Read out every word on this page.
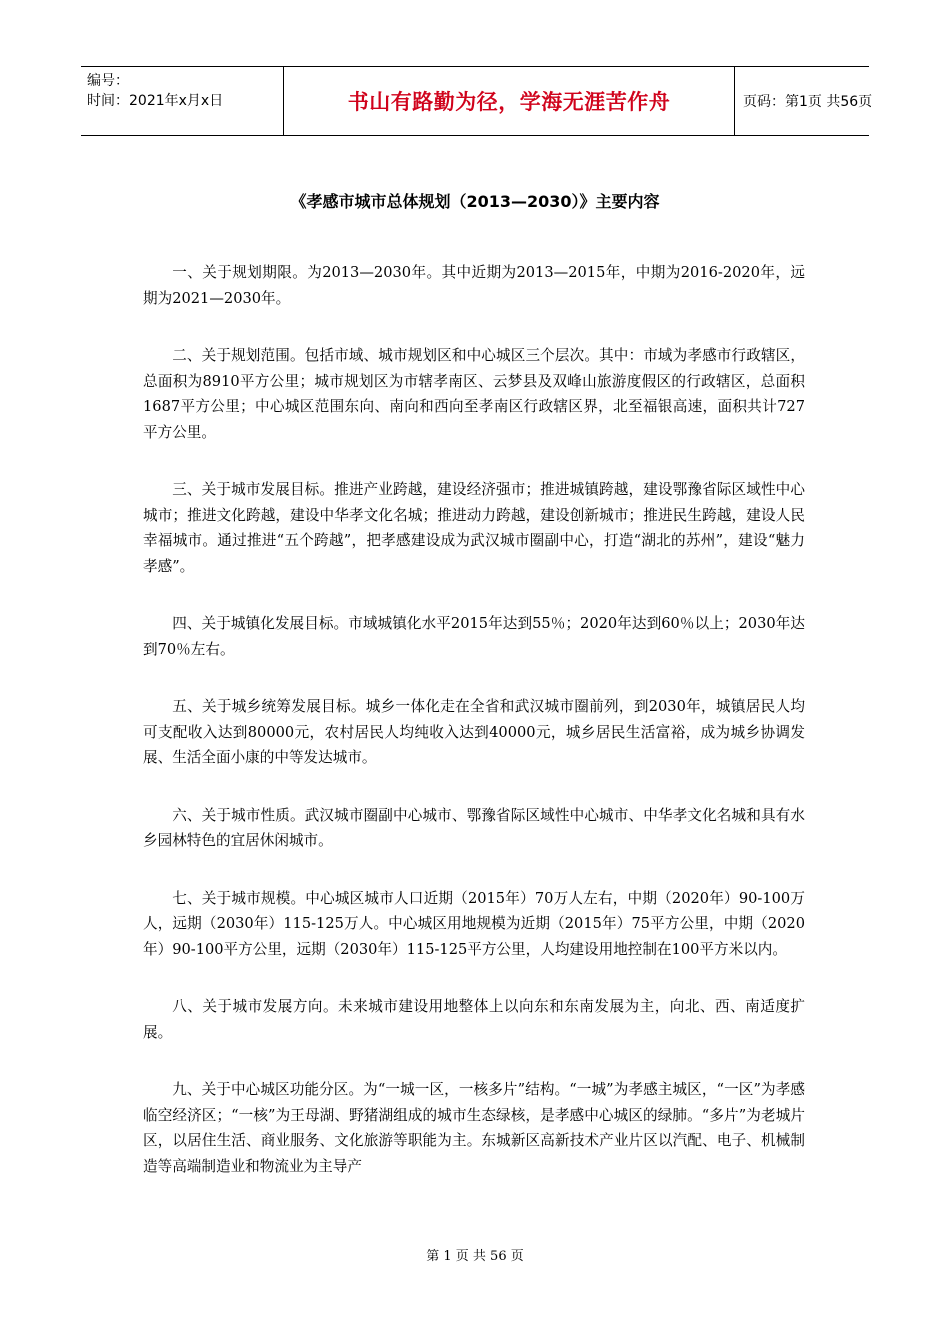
编号：
时间：2021年x月x日	书山有路勤为径，学海无涯苦作舟	页码：第1页 共56页
《孝感市城市总体规划（2013—2030）》主要内容

一、关于规划期限。为2013—2030年。其中近期为2013—2015年，中期为2016-2020年，远期为2021—2030年。

二、关于规划范围。包括市域、城市规划区和中心城区三个层次。其中：市域为孝感市行政辖区，总面积为8910平方公里；城市规划区为市辖孝南区、云梦县及双峰山旅游度假区的行政辖区，总面积1687平方公里；中心城区范围东向、南向和西向至孝南区行政辖区界，北至福银高速，面积共计727平方公里。

三、关于城市发展目标。推进产业跨越，建设经济强市；推进城镇跨越，建设鄂豫省际区域性中心城市；推进文化跨越，建设中华孝文化名城；推进动力跨越，建设创新城市；推进民生跨越，建设人民幸福城市。通过推进“五个跨越”，把孝感建设成为武汉城市圈副中心，打造“湖北的苏州”，建设“魅力孝感”。

四、关于城镇化发展目标。市域城镇化水平2015年达到55％；2020年达到60％以上；2030年达到70％左右。

五、关于城乡统筹发展目标。城乡一体化走在全省和武汉城市圈前列，到2030年，城镇居民人均可支配收入达到80000元，农村居民人均纯收入达到40000元，城乡居民生活富裕，成为城乡协调发展、生活全面小康的中等发达城市。

六、关于城市性质。武汉城市圈副中心城市、鄂豫省际区域性中心城市、中华孝文化名城和具有水乡园林特色的宜居休闲城市。

七、关于城市规模。中心城区城市人口近期（2015年）70万人左右，中期（2020年）90-100万人，远期（2030年）115-125万人。中心城区用地规模为近期（2015年）75平方公里，中期（2020年）90-100平方公里，远期（2030年）115-125平方公里，人均建设用地控制在100平方米以内。

八、关于城市发展方向。未来城市建设用地整体上以向东和东南发展为主，向北、西、南适度扩展。

九、关于中心城区功能分区。为“一城一区，一核多片”结构。“一城”为孝感主城区，“一区”为孝感临空经济区；“一核”为王母湖、野猪湖组成的城市生态绿核，是孝感中心城区的绿肺。“多片”为老城片区，以居住生活、商业服务、文化旅游等职能为主。东城新区高新技术产业片区以汽配、电子、机械制造等高端制造业和物流业为主导产

第 1 页 共 56 页
